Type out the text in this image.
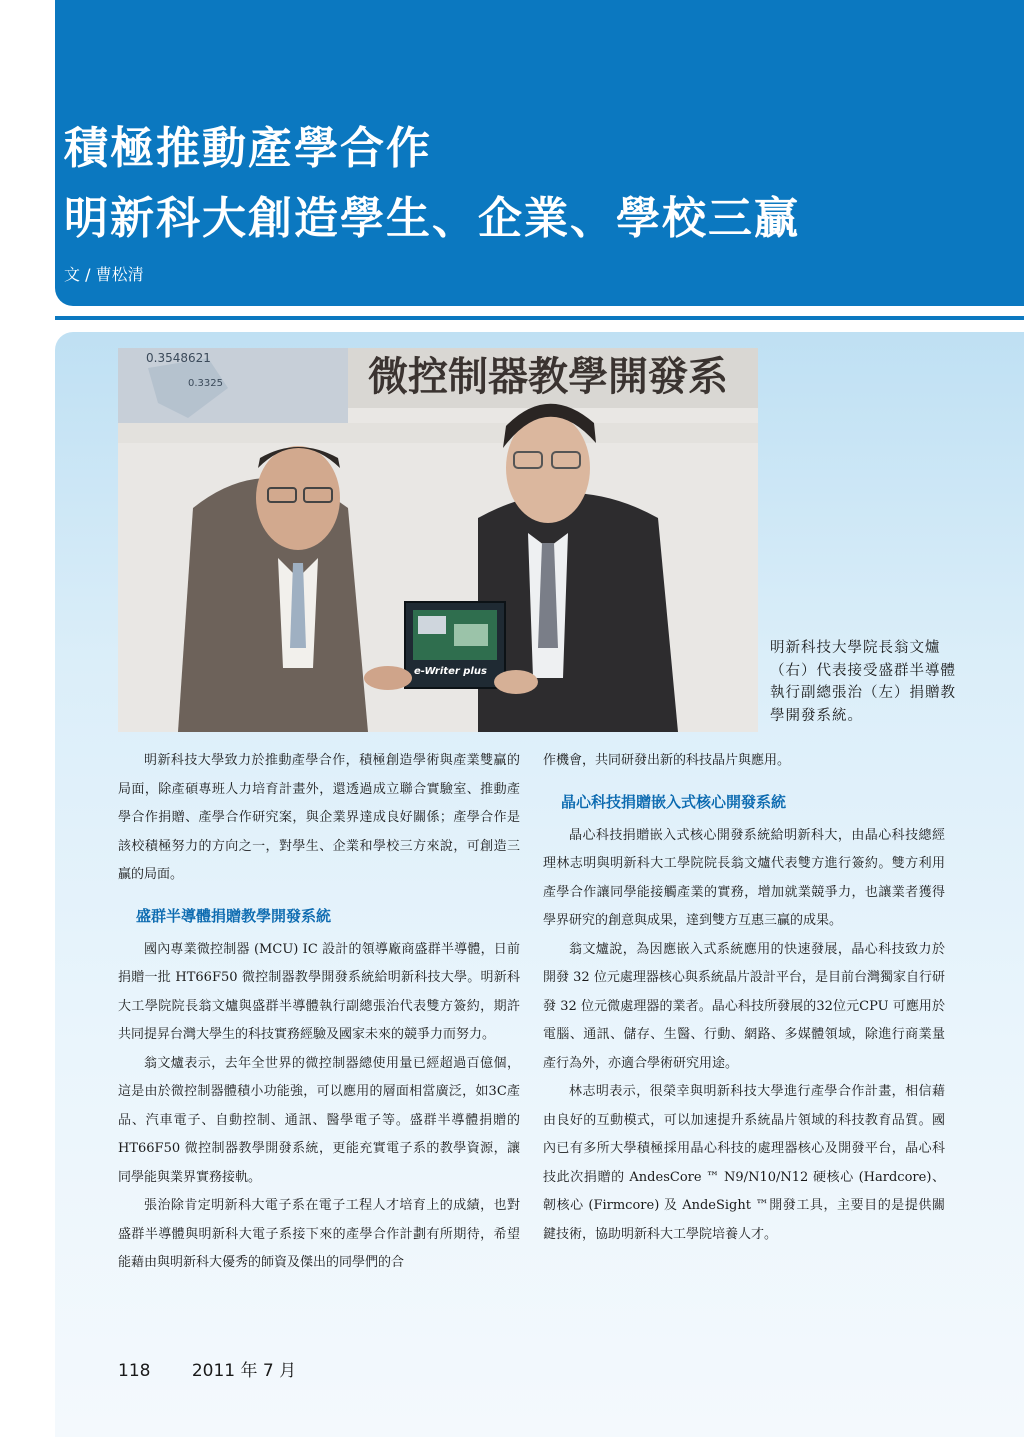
積極推動產學合作
明新科大創造學生、企業、學校三贏
文 / 曹松清
0.3548621
0.3325	微控制器教學開發系
e-Writer plus
明新科技大學院長翁文爐（右）代表接受盛群半導體執行副總張治（左）捐贈教學開發系統。

明新科技大學致力於推動產學合作，積極創造學術與產業雙贏的局面，除產碩專班人力培育計畫外，還透過成立聯合實驗室、推動產學合作捐贈、產學合作研究案，與企業界達成良好關係；產學合作是該校積極努力的方向之一，對學生、企業和學校三方來說，可創造三贏的局面。

盛群半導體捐贈教學開發系統

國內專業微控制器 (MCU) IC 設計的領導廠商盛群半導體，日前捐贈一批 HT66F50 微控制器教學開發系統給明新科技大學。明新科大工學院院長翁文爐與盛群半導體執行副總張治代表雙方簽約，期許共同提昇台灣大學生的科技實務經驗及國家未來的競爭力而努力。

翁文爐表示，去年全世界的微控制器總使用量已經超過百億個，這是由於微控制器體積小功能強，可以應用的層面相當廣泛，如3C產品、汽車電子、自動控制、通訊、醫學電子等。盛群半導體捐贈的 HT66F50 微控制器教學開發系統，更能充實電子系的教學資源，讓同學能與業界實務接軌。

張治除肯定明新科大電子系在電子工程人才培育上的成績，也對盛群半導體與明新科大電子系接下來的產學合作計劃有所期待，希望能藉由與明新科大優秀的師資及傑出的同學們的合

作機會，共同研發出新的科技晶片與應用。

晶心科技捐贈嵌入式核心開發系統

晶心科技捐贈嵌入式核心開發系統給明新科大，由晶心科技總經理林志明與明新科大工學院院長翁文爐代表雙方進行簽約。雙方利用產學合作讓同學能接觸產業的實務，增加就業競爭力，也讓業者獲得學界研究的創意與成果，達到雙方互惠三贏的成果。

翁文爐說，為因應嵌入式系統應用的快速發展，晶心科技致力於開發 32 位元處理器核心與系統晶片設計平台，是目前台灣獨家自行研發 32 位元微處理器的業者。晶心科技所發展的32位元CPU 可應用於電腦、通訊、儲存、生醫、行動、網路、多媒體領域，除進行商業量產行為外，亦適合學術研究用途。

林志明表示，很榮幸與明新科技大學進行產學合作計畫，相信藉由良好的互動模式，可以加速提升系統晶片領域的科技教育品質。國內已有多所大學積極採用晶心科技的處理器核心及開發平台，晶心科技此次捐贈的 AndesCore ™ N9/N10/N12 硬核心 (Hardcore)、韌核心 (Firmcore) 及 AndeSight ™開發工具，主要目的是提供關鍵技術，協助明新科大工學院培養人才。

118 2011 年 7 月
